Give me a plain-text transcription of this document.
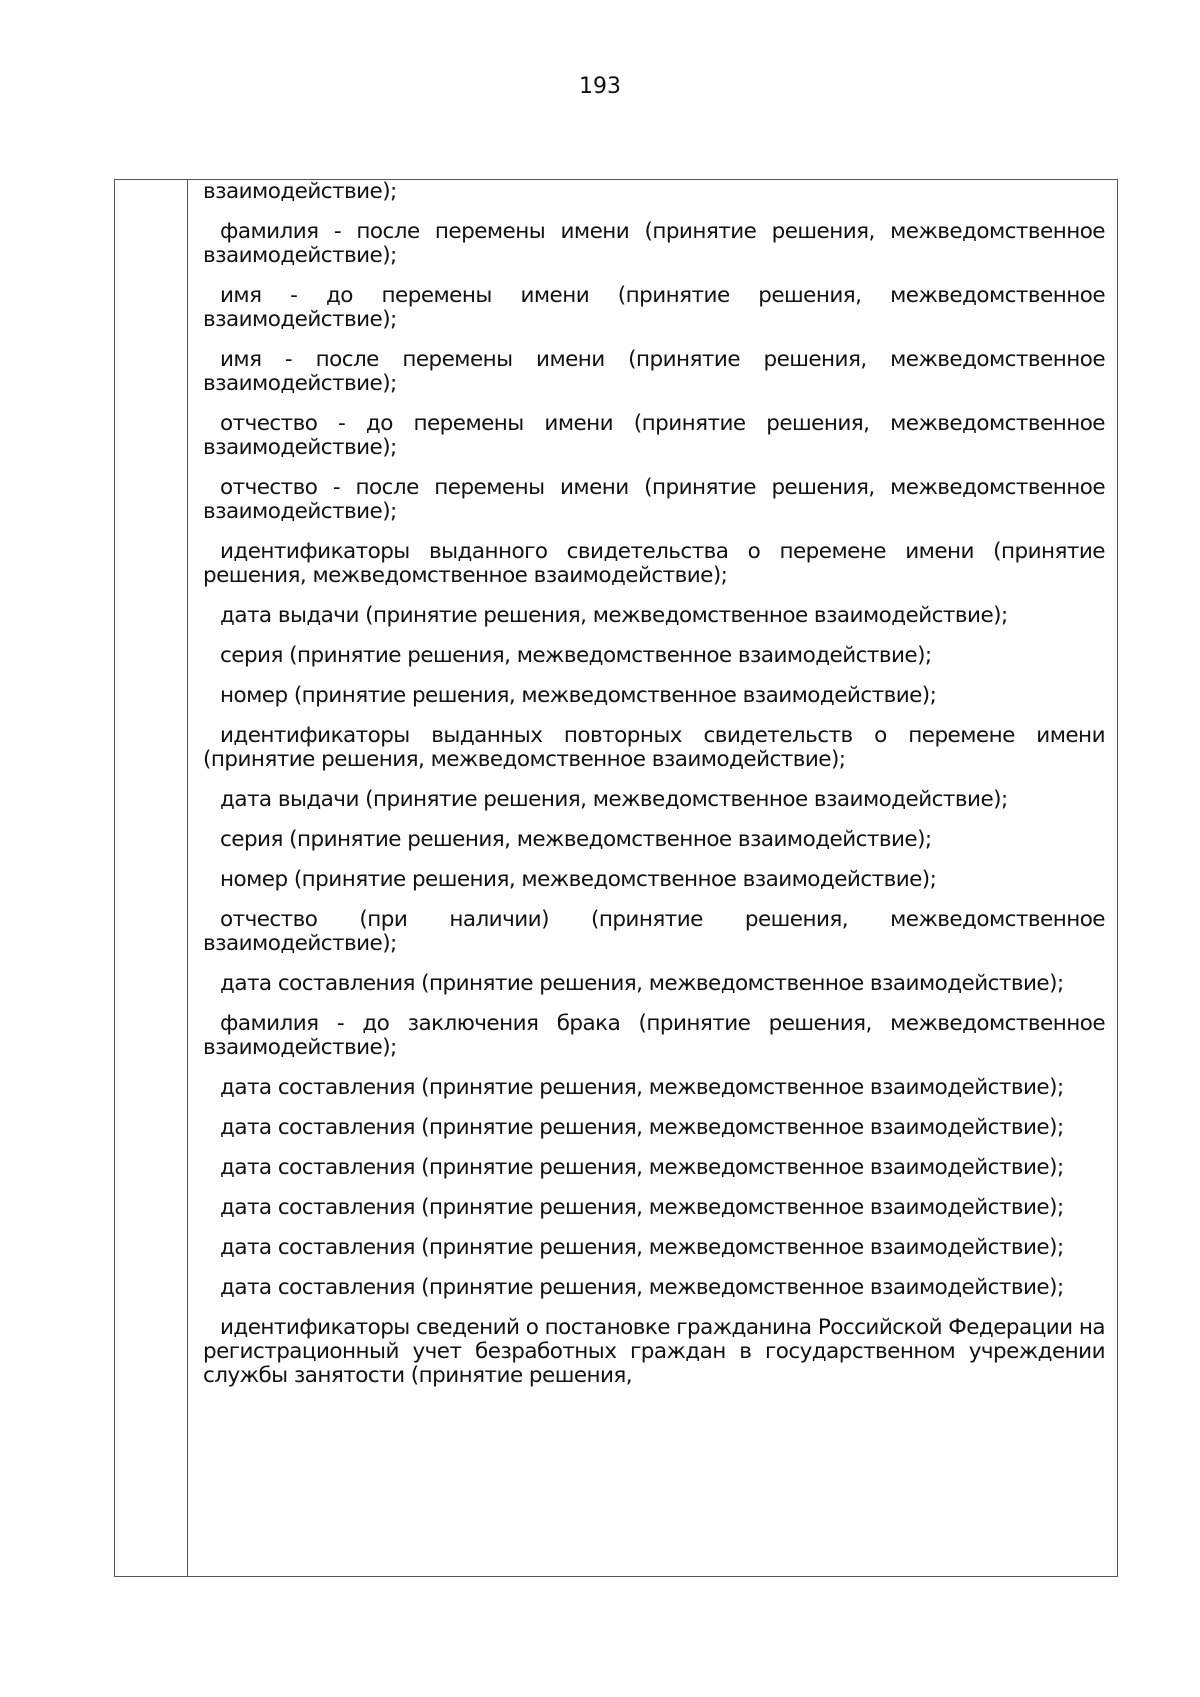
193

взаимодействие);

фамилия - после перемены имени (принятие решения, межведомственное взаимодействие);

имя - до перемены имени (принятие решения, межведомственное взаимодействие);

имя - после перемены имени (принятие решения, межведомственное взаимодействие);

отчество - до перемены имени (принятие решения, межведомственное взаимодействие);

отчество - после перемены имени (принятие решения, межведомственное взаимодействие);

идентификаторы выданного свидетельства о перемене имени (принятие решения, межведомственное взаимодействие);

дата выдачи (принятие решения, межведомственное взаимодействие);

серия (принятие решения, межведомственное взаимодействие);

номер (принятие решения, межведомственное взаимодействие);

идентификаторы выданных повторных свидетельств о перемене имени (принятие решения, межведомственное взаимодействие);

дата выдачи (принятие решения, межведомственное взаимодействие);

серия (принятие решения, межведомственное взаимодействие);

номер (принятие решения, межведомственное взаимодействие);

отчество (при наличии) (принятие решения, межведомственное взаимодействие);

дата составления (принятие решения, межведомственное взаимодействие);

фамилия - до заключения брака (принятие решения, межведомственное взаимодействие);

дата составления (принятие решения, межведомственное взаимодействие);

дата составления (принятие решения, межведомственное взаимодействие);

дата составления (принятие решения, межведомственное взаимодействие);

дата составления (принятие решения, межведомственное взаимодействие);

дата составления (принятие решения, межведомственное взаимодействие);

дата составления (принятие решения, межведомственное взаимодействие);

идентификаторы сведений о постановке гражданина Российской Федерации на регистрационный учет безработных граждан в государственном учреждении службы занятости (принятие решения,
